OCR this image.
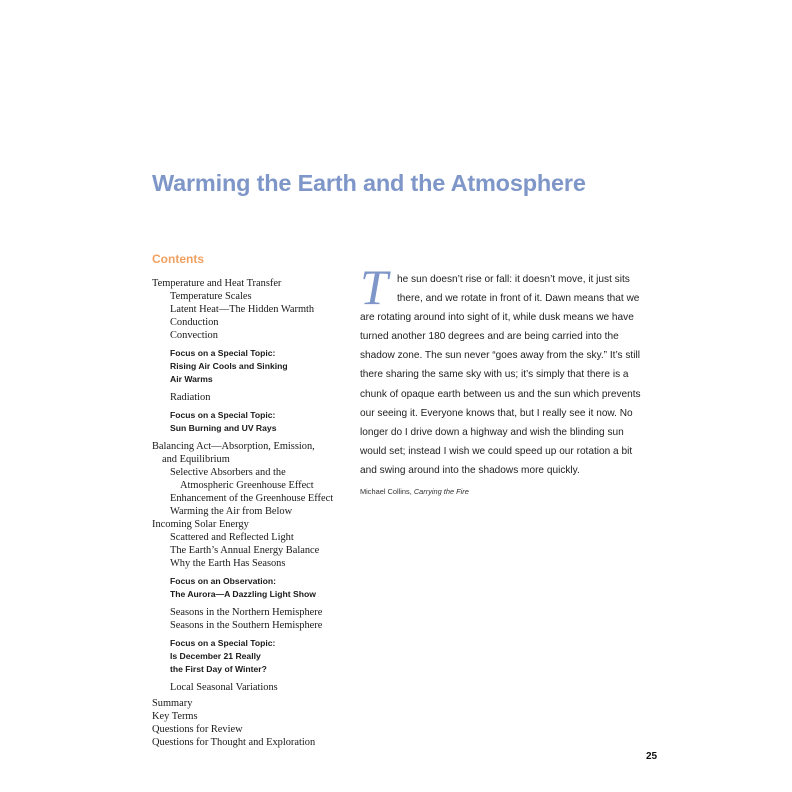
Warming the Earth and the Atmosphere
Contents
Temperature and Heat Transfer
Temperature Scales
Latent Heat—The Hidden Warmth
Conduction
Convection
Focus on a Special Topic:
Rising Air Cools and Sinking
Air Warms
Radiation
Focus on a Special Topic:
Sun Burning and UV Rays
Balancing Act—Absorption, Emission,
and Equilibrium
Selective Absorbers and the
Atmospheric Greenhouse Effect
Enhancement of the Greenhouse Effect
Warming the Air from Below
Incoming Solar Energy
Scattered and Reflected Light
The Earth’s Annual Energy Balance
Why the Earth Has Seasons
Focus on an Observation:
The Aurora—A Dazzling Light Show
Seasons in the Northern Hemisphere
Seasons in the Southern Hemisphere
Focus on a Special Topic:
Is December 21 Really
the First Day of Winter?
Local Seasonal Variations
Summary
Key Terms
Questions for Review
Questions for Thought and Exploration
T he sun doesn’t rise or fall: it doesn’t move, it just sits
there, and we rotate in front of it. Dawn means that we
are rotating around into sight of it, while dusk means we have
turned another 180 degrees and are being carried into the
shadow zone. The sun never “goes away from the sky.” It’s still
there sharing the same sky with us; it’s simply that there is a
chunk of opaque earth between us and the sun which prevents
our seeing it. Everyone knows that, but I really see it now. No
longer do I drive down a highway and wish the blinding sun
would set; instead I wish we could speed up our rotation a bit
and swing around into the shadows more quickly.
Michael Collins, Carrying the Fire
25
